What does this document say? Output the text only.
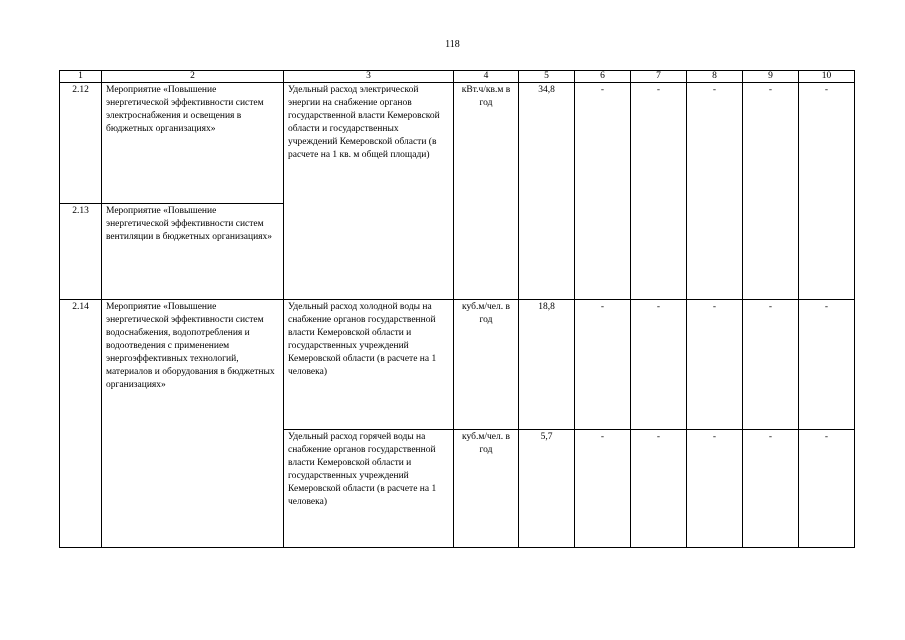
118
1	2	3	4	5	6	7	8	9	10
2.12	Мероприятие «Повышение энергетической эффективности систем электроснабжения и освещения в бюджетных организациях»	Удельный расход электрической энергии на снабжение органов государственной власти Кемеровской области и государственных учреждений Кемеровской области (в расчете на 1 кв. м общей площади)	кВт.ч/кв.м в год	34,8	-	-	-	-	-
2.13	Мероприятие «Повышение энергетической эффективности систем вентиляции в бюджетных организациях»								
2.14	Мероприятие «Повышение энергетической эффективности систем водоснабжения, водопотребления и водоотведения с применением энергоэффективных технологий, материалов и оборудования в бюджетных организациях»	Удельный расход холодной воды на снабжение органов государственной власти Кемеровской области и государственных учреждений Кемеровской области (в расчете на 1 человека)	куб.м/чел. в год	18,8	-	-	-	-	-
		Удельный расход горячей воды на снабжение органов государственной власти Кемеровской области и государственных учреждений Кемеровской области (в расчете на 1 человека)	куб.м/чел. в год	5,7	-	-	-	-	-
